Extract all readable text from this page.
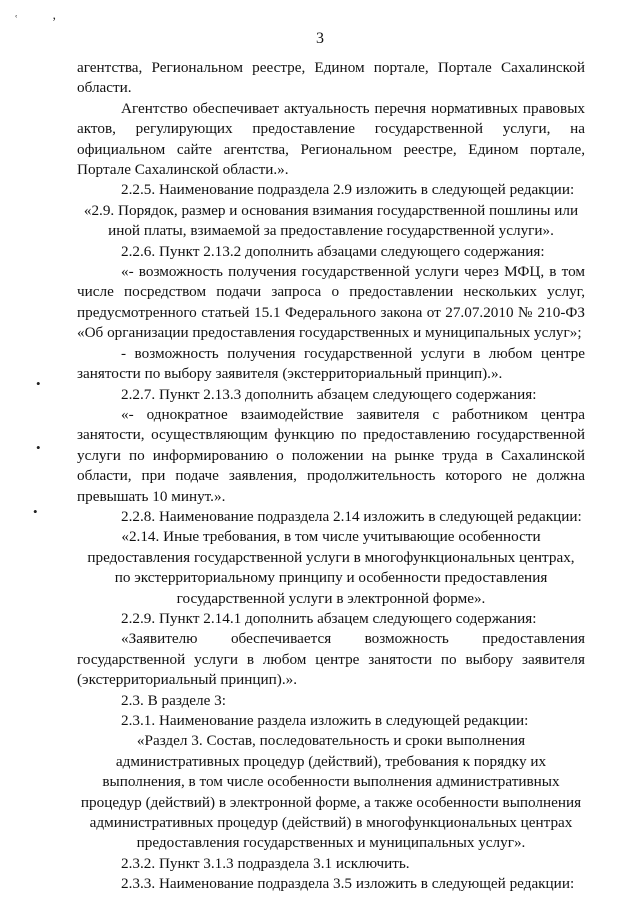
ʿ	ʼ
•
•
•
3

агентства, Региональном реестре, Едином портале, Портале Сахалинской области.

Агентство обеспечивает актуальность перечня нормативных правовых актов, регулирующих предоставление государственной услуги, на официальном сайте агентства, Региональном реестре, Едином портале, Портале Сахалинской области.».

2.2.5. Наименование подраздела 2.9 изложить в следующей редакции:

«2.9. Порядок, размер и основания взимания государственной пошлины или иной платы, взимаемой за предоставление государственной услуги».

2.2.6. Пункт 2.13.2 дополнить абзацами следующего содержания:

«- возможность получения государственной услуги через МФЦ, в том числе посредством подачи запроса о предоставлении нескольких услуг, предусмотренного статьей 15.1 Федерального закона от 27.07.2010 № 210-ФЗ «Об организации предоставления государственных и муниципальных услуг»;

- возможность получения государственной услуги в любом центре занятости по выбору заявителя (экстерриториальный принцип).».

2.2.7. Пункт 2.13.3 дополнить абзацем следующего содержания:

«- однократное взаимодействие заявителя с работником центра занятости, осуществляющим функцию по предоставлению государственной услуги по информированию о положении на рынке труда в Сахалинской области, при подаче заявления, продолжительность которого не должна превышать 10 минут.».

2.2.8. Наименование подраздела 2.14 изложить в следующей редакции:

«2.14. Иные требования, в том числе учитывающие особенности предоставления государственной услуги в многофункциональных центрах, по экстерриториальному принципу и особенности предоставления государственной услуги в электронной форме».

2.2.9. Пункт 2.14.1 дополнить абзацем следующего содержания:

«Заявителю обеспечивается возможность предоставления государственной услуги в любом центре занятости по выбору заявителя (экстерриториальный принцип).».

2.3. В разделе 3:

2.3.1. Наименование раздела изложить в следующей редакции:

«Раздел 3. Состав, последовательность и сроки выполнения административных процедур (действий), требования к порядку их выполнения, в том числе особенности выполнения административных процедур (действий) в электронной форме, а также особенности выполнения административных процедур (действий) в многофункциональных центрах предоставления государственных и муниципальных услуг».

2.3.2. Пункт 3.1.3 подраздела 3.1 исключить.

2.3.3. Наименование подраздела 3.5 изложить в следующей редакции:
